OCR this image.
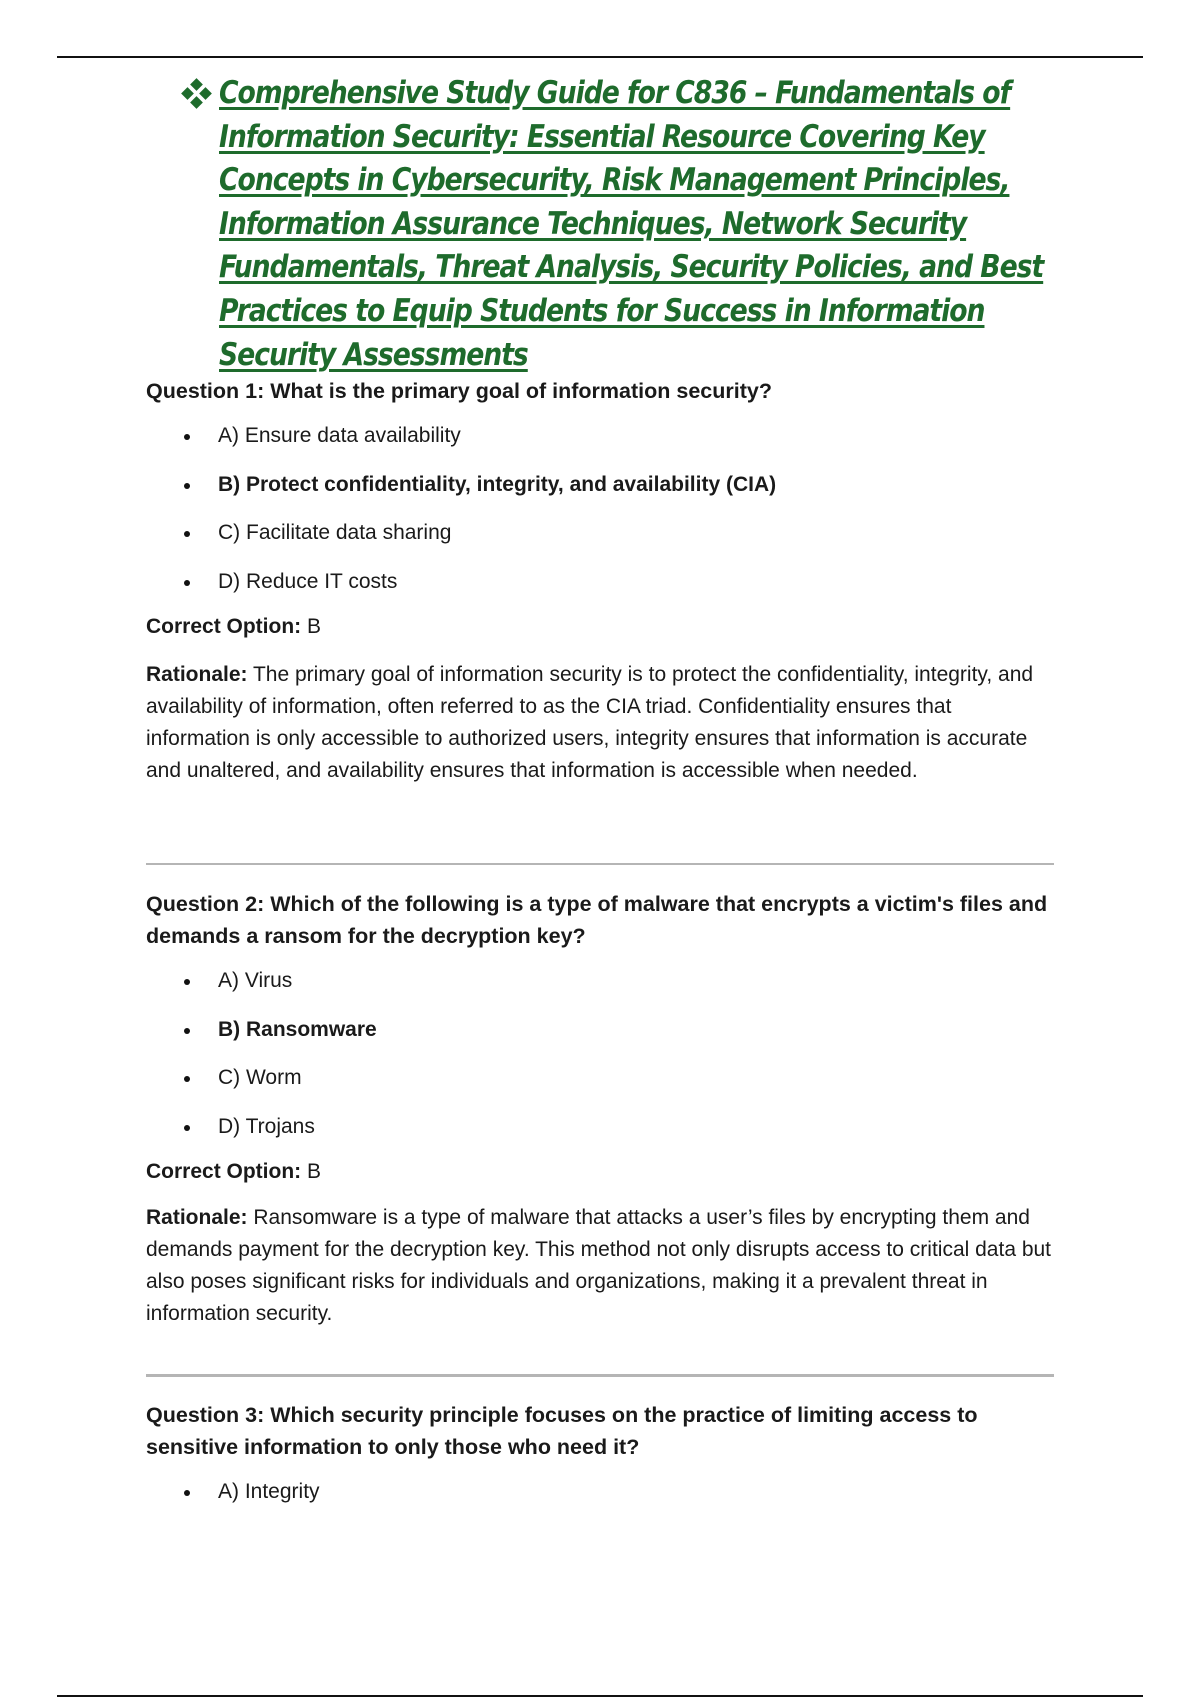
Comprehensive Study Guide for C836 – Fundamentals of Information Security: Essential Resource Covering Key Concepts in Cybersecurity, Risk Management Principles, Information Assurance Techniques, Network Security Fundamentals, Threat Analysis, Security Policies, and Best Practices to Equip Students for Success in Information Security Assessments

Question 1: What is the primary goal of information security?

A) Ensure data availability
B) Protect confidentiality, integrity, and availability (CIA)
C) Facilitate data sharing
D) Reduce IT costs

Correct Option: B

Rationale: The primary goal of information security is to protect the confidentiality, integrity, and availability of information, often referred to as the CIA triad. Confidentiality ensures that information is only accessible to authorized users, integrity ensures that information is accurate and unaltered, and availability ensures that information is accessible when needed.

Question 2: Which of the following is a type of malware that encrypts a victim's files and demands a ransom for the decryption key?

A) Virus
B) Ransomware
C) Worm
D) Trojans

Correct Option: B

Rationale: Ransomware is a type of malware that attacks a user’s files by encrypting them and demands payment for the decryption key. This method not only disrupts access to critical data but also poses significant risks for individuals and organizations, making it a prevalent threat in information security.

Question 3: Which security principle focuses on the practice of limiting access to sensitive information to only those who need it?

A) Integrity
